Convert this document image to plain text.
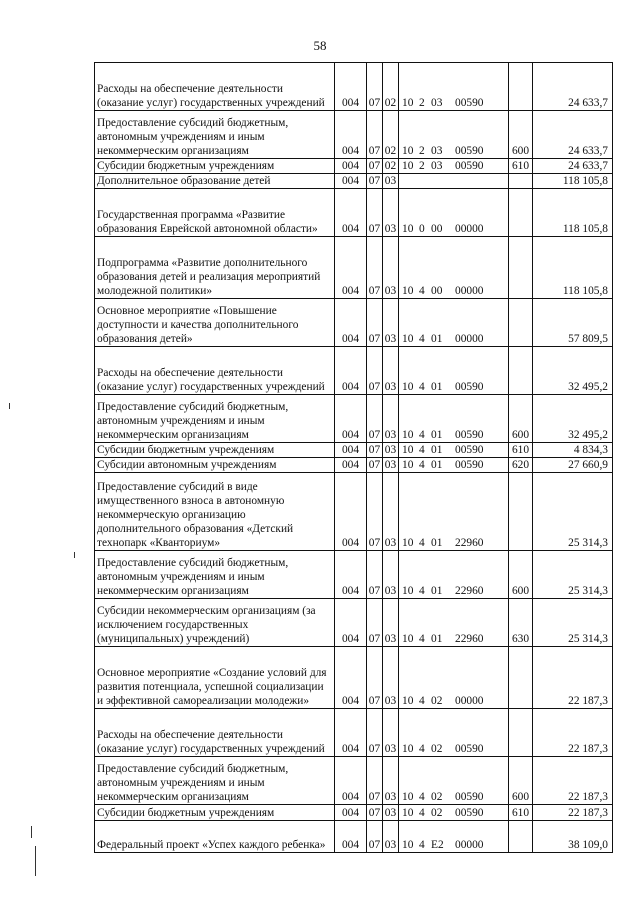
58
Расходы на обеспечение деятельности (оказание услуг) государственных учреждений	004	07	02	10 2 03 00590		24 633,7
Предоставление субсидий бюджетным, автономным учреждениям и иным некоммерческим организациям	004	07	02	10 2 03 00590	600	24 633,7
Субсидии бюджетным учреждениям	004	07	02	10 2 03 00590	610	24 633,7
Дополнительное образование детей	004	07	03			118 105,8
Государственная программа «Развитие образования Еврейской автономной области»	004	07	03	10 0 00 00000		118 105,8
Подпрограмма «Развитие дополнительного образования детей и реализация мероприятий молодежной политики»	004	07	03	10 4 00 00000		118 105,8
Основное мероприятие «Повышение доступности и качества дополнительного образования детей»	004	07	03	10 4 01 00000		57 809,5
Расходы на обеспечение деятельности (оказание услуг) государственных учреждений	004	07	03	10 4 01 00590		32 495,2
Предоставление субсидий бюджетным, автономным учреждениям и иным некоммерческим организациям	004	07	03	10 4 01 00590	600	32 495,2
Субсидии бюджетным учреждениям	004	07	03	10 4 01 00590	610	4 834,3
Субсидии автономным учреждениям	004	07	03	10 4 01 00590	620	27 660,9
Предоставление субсидий в виде имущественного взноса в автономную некоммерческую организацию дополнительного образования «Детский технопарк «Кванториум»	004	07	03	10 4 01 22960		25 314,3
Предоставление субсидий бюджетным, автономным учреждениям и иным некоммерческим организациям	004	07	03	10 4 01 22960	600	25 314,3
Субсидии некоммерческим организациям (за исключением государственных (муниципальных) учреждений)	004	07	03	10 4 01 22960	630	25 314,3
Основное мероприятие «Создание условий для развития потенциала, успешной социализации и эффективной самореализации молодежи»	004	07	03	10 4 02 00000		22 187,3
Расходы на обеспечение деятельности (оказание услуг) государственных учреждений	004	07	03	10 4 02 00590		22 187,3
Предоставление субсидий бюджетным, автономным учреждениям и иным некоммерческим организациям	004	07	03	10 4 02 00590	600	22 187,3
Субсидии бюджетным учреждениям	004	07	03	10 4 02 00590	610	22 187,3
Федеральный проект «Успех каждого ребенка»	004	07	03	10 4 E2 00000		38 109,0
